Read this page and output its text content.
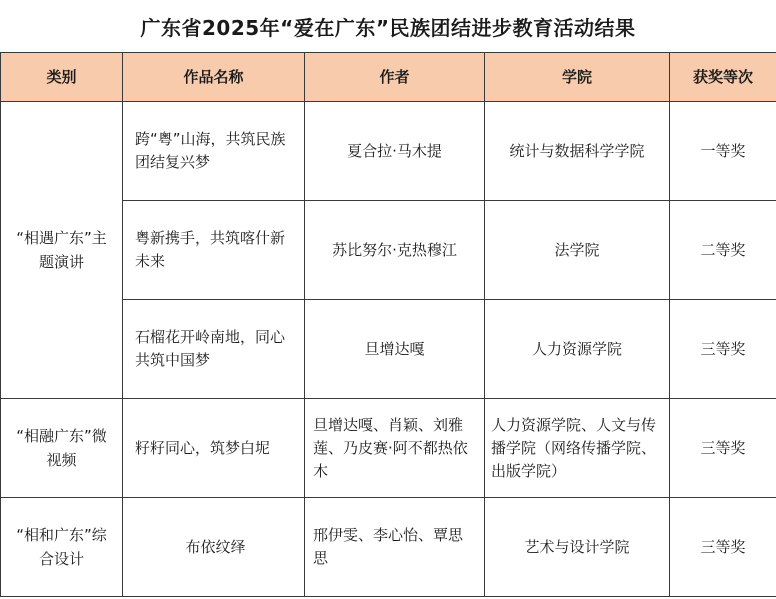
广东省2025年“爱在广东”民族团结进步教育活动结果
类别	作品名称	作者	学院	获奖等次
“相遇广东”主题演讲	跨“粤”山海，共筑民族团结复兴梦	夏合拉·马木提	统计与数据科学学院	一等奖
	粤新携手，共筑喀什新未来	苏比努尔·克热穆江	法学院	二等奖
	石榴花开岭南地，同心共筑中国梦	旦增达嘎	人力资源学院	三等奖
“相融广东”微视频	籽籽同心，筑梦白坭	旦增达嘎、肖颖、刘雅莲、乃皮赛·阿不都热依木	人力资源学院、人文与传播学院（网络传播学院、出版学院）	三等奖
“相和广东”综合设计	布依纹绎	邢伊雯、李心怡、覃思思	艺术与设计学院	三等奖
